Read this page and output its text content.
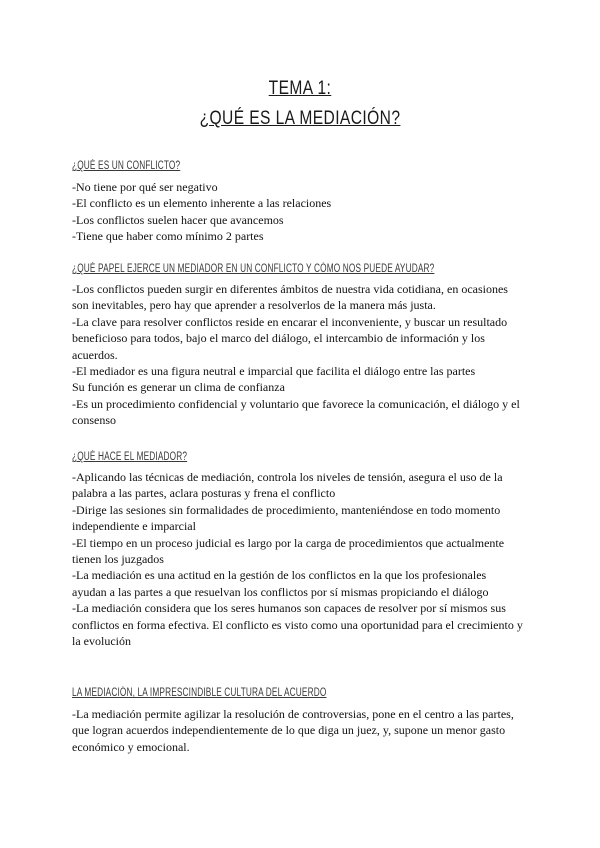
TEMA 1:
¿QUÉ ES LA MEDIACIÓN?
¿QUÉ ES UN CONFLICTO?
-No tiene por qué ser negativo
-El conflicto es un elemento inherente a las relaciones
-Los conflictos suelen hacer que avancemos
-Tiene que haber como mínimo 2 partes
¿QUÉ PAPEL EJERCE UN MEDIADOR EN UN CONFLICTO Y CÓMO NOS PUEDE AYUDAR?
-Los conflictos pueden surgir en diferentes ámbitos de nuestra vida cotidiana, en ocasiones
son inevitables, pero hay que aprender a resolverlos de la manera más justa.
-La clave para resolver conflictos reside en encarar el inconveniente, y buscar un resultado
beneficioso para todos, bajo el marco del diálogo, el intercambio de información y los
acuerdos.
-El mediador es una figura neutral e imparcial que facilita el diálogo entre las partes
Su función es generar un clima de confianza
-Es un procedimiento confidencial y voluntario que favorece la comunicación, el diálogo y el
consenso
¿QUÉ HACE EL MEDIADOR?
-Aplicando las técnicas de mediación, controla los niveles de tensión, asegura el uso de la
palabra a las partes, aclara posturas y frena el conflicto
-Dirige las sesiones sin formalidades de procedimiento, manteniéndose en todo momento
independiente e imparcial
-El tiempo en un proceso judicial es largo por la carga de procedimientos que actualmente
tienen los juzgados
-La mediación es una actitud en la gestión de los conflictos en la que los profesionales
ayudan a las partes a que resuelvan los conflictos por sí mismas propiciando el diálogo
-La mediación considera que los seres humanos son capaces de resolver por sí mismos sus
conflictos en forma efectiva. El conflicto es visto como una oportunidad para el crecimiento y
la evolución
LA MEDIACIÓN, LA IMPRESCINDIBLE CULTURA DEL ACUERDO
-La mediación permite agilizar la resolución de controversias, pone en el centro a las partes,
que logran acuerdos independientemente de lo que diga un juez, y, supone un menor gasto
económico y emocional.
